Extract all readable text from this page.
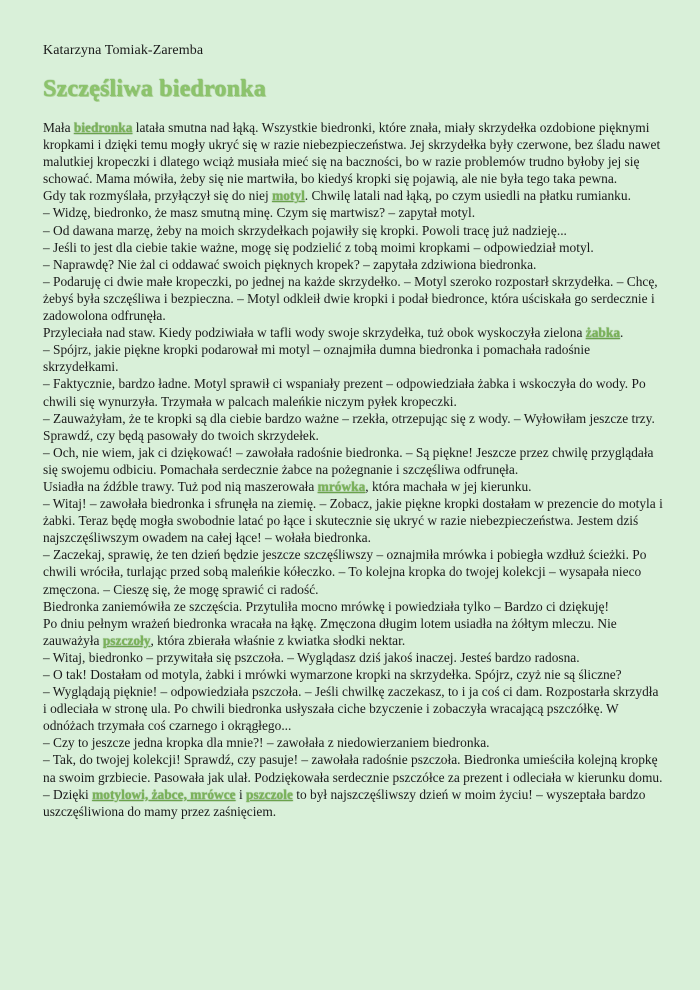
Katarzyna Tomiak-Zaremba
Szczęśliwa biedronka

Mała biedronka latała smutna nad łąką. Wszystkie biedronki, które znała, miały skrzydełka ozdobione pięknymi kropkami i dzięki temu mogły ukryć się w razie niebezpieczeństwa. Jej skrzydełka były czerwone, bez śladu nawet malutkiej kropeczki i dlatego wciąż musiała mieć się na baczności, bo w razie problemów trudno byłoby jej się schować. Mama mówiła, żeby się nie martwiła, bo kiedyś kropki się pojawią, ale nie była tego taka pewna.

Gdy tak rozmyślała, przyłączył się do niej motyl. Chwilę latali nad łąką, po czym usiedli na płatku rumianku.

– Widzę, biedronko, że masz smutną minę. Czym się martwisz? – zapytał motyl.

– Od dawana marzę, żeby na moich skrzydełkach pojawiły się kropki. Powoli tracę już nadzieję...

– Jeśli to jest dla ciebie takie ważne, mogę się podzielić z tobą moimi kropkami – odpowiedział motyl.

– Naprawdę? Nie żal ci oddawać swoich pięknych kropek? – zapytała zdziwiona biedronka.

– Podaruję ci dwie małe kropeczki, po jednej na każde skrzydełko. – Motyl szeroko rozpostarł skrzydełka. – Chcę, żebyś była szczęśliwa i bezpieczna. – Motyl odkleił dwie kropki i podał biedronce, która uściskała go serdecznie i zadowolona odfrunęła.

Przyleciała nad staw. Kiedy podziwiała w tafli wody swoje skrzydełka, tuż obok wyskoczyła zielona żabka.

– Spójrz, jakie piękne kropki podarował mi motyl – oznajmiła dumna biedronka i pomachała radośnie skrzydełkami.

– Faktycznie, bardzo ładne. Motyl sprawił ci wspaniały prezent – odpowiedziała żabka i wskoczyła do wody. Po chwili się wynurzyła. Trzymała w palcach maleńkie niczym pyłek kropeczki.

– Zauważyłam, że te kropki są dla ciebie bardzo ważne – rzekła, otrzepując się z wody. – Wyłowiłam jeszcze trzy. Sprawdź, czy będą pasowały do twoich skrzydełek.

– Och, nie wiem, jak ci dziękować! – zawołała radośnie biedronka. – Są piękne! Jeszcze przez chwilę przyglądała się swojemu odbiciu. Pomachała serdecznie żabce na pożegnanie i szczęśliwa odfrunęła.

Usiadła na źdźble trawy. Tuż pod nią maszerowała mrówka, która machała w jej kierunku.

– Witaj! – zawołała biedronka i sfrunęła na ziemię. – Zobacz, jakie piękne kropki dostałam w prezencie do motyla i żabki. Teraz będę mogła swobodnie latać po łące i skutecznie się ukryć w razie niebezpieczeństwa. Jestem dziś najszczęśliwszym owadem na całej łące! – wołała biedronka.

– Zaczekaj, sprawię, że ten dzień będzie jeszcze szczęśliwszy – oznajmiła mrówka i pobiegła wzdłuż ścieżki. Po chwili wróciła, turlając przed sobą maleńkie kółeczko. – To kolejna kropka do twojej kolekcji – wysapała nieco zmęczona. – Cieszę się, że mogę sprawić ci radość.

Biedronka zaniemówiła ze szczęścia. Przytuliła mocno mrówkę i powiedziała tylko – Bardzo ci dziękuję!

Po dniu pełnym wrażeń biedronka wracała na łąkę. Zmęczona długim lotem usiadła na żółtym mleczu. Nie zauważyła pszczoły, która zbierała właśnie z kwiatka słodki nektar.

– Witaj, biedronko – przywitała się pszczoła. – Wyglądasz dziś jakoś inaczej. Jesteś bardzo radosna.

– O tak! Dostałam od motyla, żabki i mrówki wymarzone kropki na skrzydełka. Spójrz, czyż nie są śliczne?

– Wyglądają pięknie! – odpowiedziała pszczoła. – Jeśli chwilkę zaczekasz, to i ja coś ci dam. Rozpostarła skrzydła i odleciała w stronę ula. Po chwili biedronka usłyszała ciche bzyczenie i zobaczyła wracającą pszczółkę. W odnóżach trzymała coś czarnego i okrągłego...

– Czy to jeszcze jedna kropka dla mnie?! – zawołała z niedowierzaniem biedronka.

– Tak, do twojej kolekcji! Sprawdź, czy pasuje! – zawołała radośnie pszczoła. Biedronka umieściła kolejną kropkę na swoim grzbiecie. Pasowała jak ulał. Podziękowała serdecznie pszczółce za prezent i odleciała w kierunku domu.

– Dzięki motylowi, żabce, mrówce i pszczole to był najszczęśliwszy dzień w moim życiu! – wyszeptała bardzo uszczęśliwiona do mamy przez zaśnięciem.
